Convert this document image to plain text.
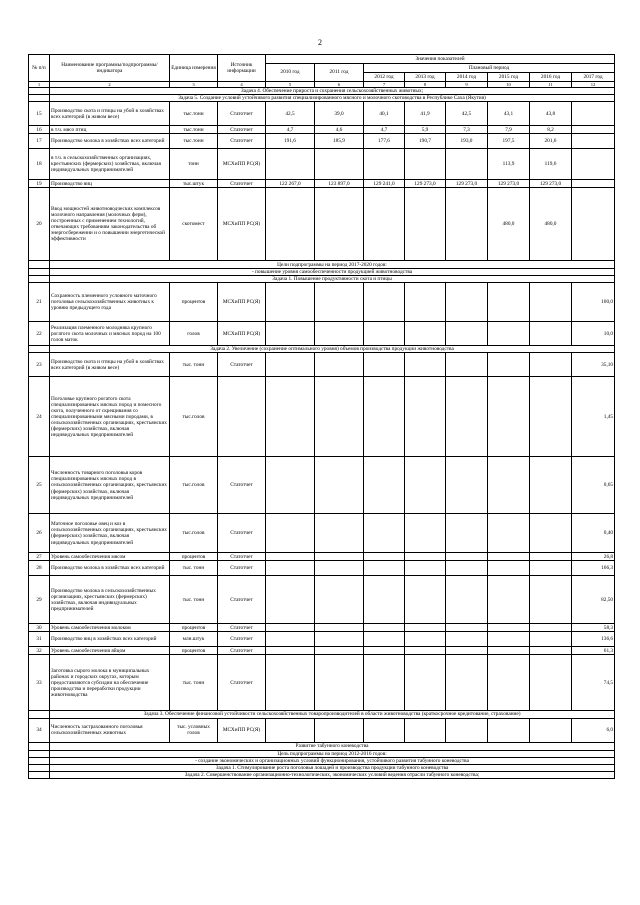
2
№ п/п	Наименование программы/подпрограммы/индикатора	Единица измерения	Источник информации	Значения показателей							
				2010 год	2011 год	Плановый период					
						2012 год	2013 год	2014 год	2015 год	2016 год	2017 год
1	2	3	4	5	6	7	8	9	10	11	12
	Задача 4. Обеспечение прироста и сохранения сельскохозяйственных животных;										
	Задача 5. Создание условий устойчивого развития специализированного мясного и молочного скотоводства в Республике Саха (Якутия)										
15	Производство скота и птицы на убой в хозяйствах всех категорий (в живом весе)	тыс.тонн	Статотчет	42,5	39,0	40,1	41,9	42,5	43,1	43,8	
16	в т.ч. мясо птиц	тыс.тонн	Статотчет	4,7	4,6	4,7	5,9	7,3	7,9	8,2	
17	Производство молока в хозяйствах всех категорий	тыс.тонн	Статотчет	191,6	185,9	177,6	190,7	193,0	197,5	201,6	
18	в т.ч. в сельскохозяйственных организациях, крестьянских (фермерских) хозяйствах, включая индивидуальных предпринимателей	тонн	МСХиПП РС(Я)						113,9	119,6	
19	Производство яиц	тыс.штук	Статотчет	122 267,0	123 897,0	129 241,0	129 273,0	129 273,0	129 273,0	129 273,0	
20	Ввод мощностей животноводческих комплексов молочного направления (молочных ферм), построенных с применением технологий, отвечающих требованиям законодательства об энергосбережении и о повышении энергетической эффективности	скотомест	МСХиПП РС(Я)						480,0	480,0	
	Цели подпрограммы на период 2017-2020 годов:										
	- повышение уровня самообеспеченности продукцией животноводства										
	Задача 1. Повышение продуктивности скота и птицы										
21	Сохранность племенного условного маточного поголовья сельскохозяйственных животных к уровню предыдущего года	процентов	МСХиПП РС(Я)								100,0
22	Реализация племенного молодняка крупного рогатого скота молочных и мясных пород на 100 голов маток	голов	МСХиПП РС(Я)								10,0
	Задача 2. Увеличение (сохранение оптимального уровня) объемов производства продукции животноводства										
23	Производство скота и птицы на убой в хозяйствах всех категорий (в живом весе)	тыс. тонн	Статотчет								35,10
24	Поголовье крупного рогатого скота специализированных мясных пород и помесного скота, полученного от скрещивания со специализированными мясными породами, в сельскохозяйственных организациях, крестьянских (фермерских) хозяйствах, включая индивидуальных предпринимателей	тыс.голов									1,45
25	Численность товарного поголовья коров специализированных мясных пород в сельскохозяйственных организациях, крестьянских (фермерских) хозяйствах, включая индивидуальных предпринимателей	тыс.голов	Статотчет								0,65
26	Маточное поголовье овец и коз в сельскохозяйственных организациях, крестьянских (фермерских) хозяйствах, включая индивидуальных предпринимателей	тыс.голов	Статотчет								0,40
27	Уровень самообеспечения мясом	процентов	Статотчет								26,8
28	Производство молока в хозяйствах всех категорий	тыс. тонн	Статотчет								166,3
29	Производство молока в сельскохозяйственных организациях, крестьянских (фермерских) хозяйствах, включая индивидуальных предпринимателей	тыс. тонн	Статотчет								82,50
30	Уровень самообеспечения молоком	процентов	Статотчет								58,3
31	Производство яиц в хозяйствах всех категорий	млн.штук	Статотчет								136,6
32	Уровень самообеспечения яйцом	процентов	Статотчет								61,3
33	Заготовка сырого молока в муниципальных районах и городских округах, которым предоставляются субсидии на обеспечение производства и переработки продукции животноводства	тыс. тонн	Статотчет								74,5
	Задача 3. Обеспечение финансовой устойчивости сельскохозяйственных товаропроизводителей в области животноводства (краткосрочное кредитование, страхование)										
34	Численность застрахованного поголовья сельскохозяйственных животных	тыс. условных голов	МСХиПП РС(Я)								6,0
	Развитие табунного коневодства										
	Цель подпрограммы на период 2012-2016 годов:										
	- создание экономических и организационных условий функционирования, устойчивого развития табунного коневодства										
	Задача 1. Стимулирование роста поголовья лошадей и производства продукции табунного коневодства										
	Задача 2. Совершенствование организационно-технологических, экономических условий ведения отрасли табунного коневодства;										
